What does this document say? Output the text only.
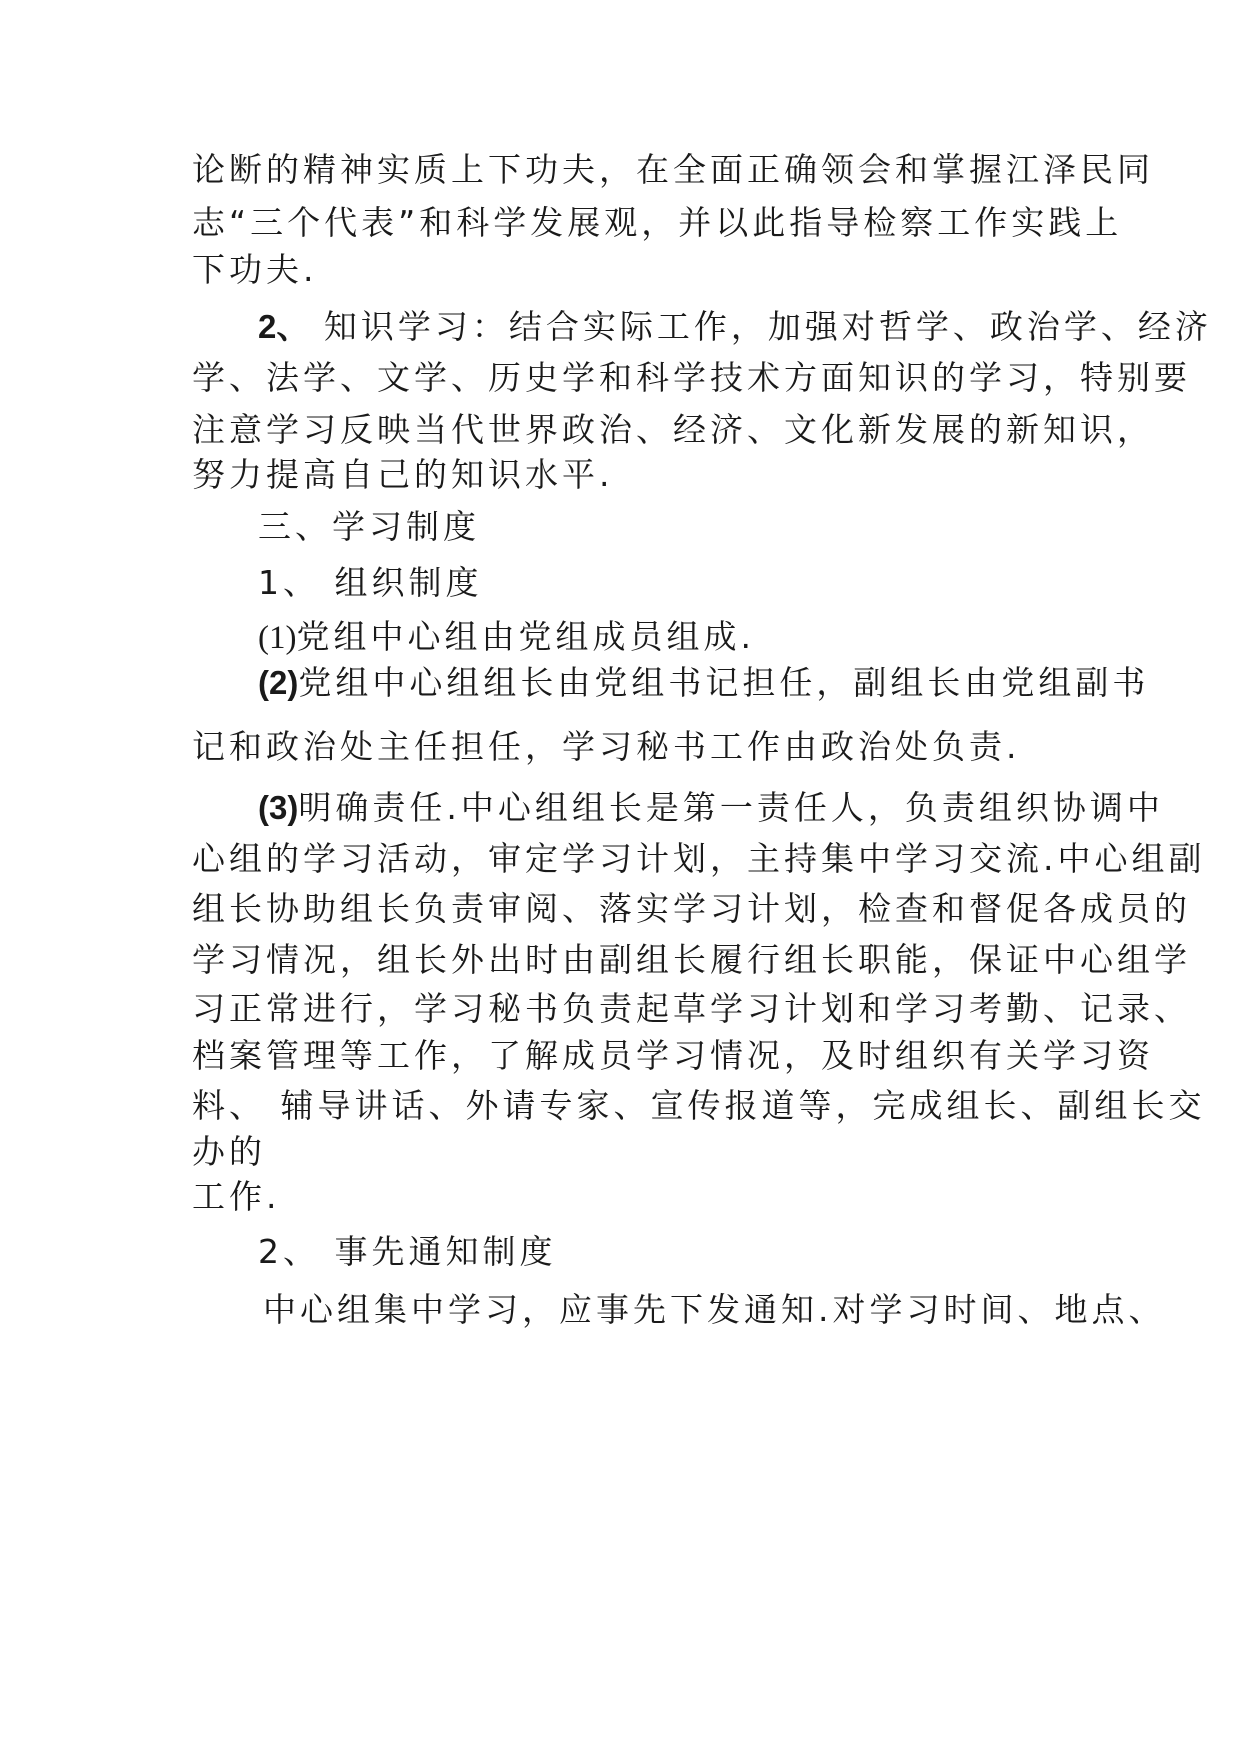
论断的精神实质上下功夫，在全面正确领会和掌握江泽民同
志“三个代表”和科学发展观，并以此指导检察工作实践上
下功夫.
2、 知识学习：结合实际工作，加强对哲学、政治学、经济
学、法学、文学、历史学和科学技术方面知识的学习，特别要
注意学习反映当代世界政治、经济、文化新发展的新知识，
努力提高自己的知识水平.
三、学习制度
1、 组织制度
(1)党组中心组由党组成员组成.
(2)党组中心组组长由党组书记担任，副组长由党组副书
记和政治处主任担任，学习秘书工作由政治处负责.
(3)明确责任.中心组组长是第一责任人，负责组织协调中
心组的学习活动，审定学习计划，主持集中学习交流.中心组副
组长协助组长负责审阅、落实学习计划，检查和督促各成员的
学习情况，组长外出时由副组长履行组长职能，保证中心组学
习正常进行，学习秘书负责起草学习计划和学习考勤、记录、
档案管理等工作，了解成员学习情况，及时组织有关学习资
料、 辅导讲话、外请专家、宣传报道等，完成组长、副组长交
办的
工作.
2、 事先通知制度
中心组集中学习，应事先下发通知.对学习时间、地点、
